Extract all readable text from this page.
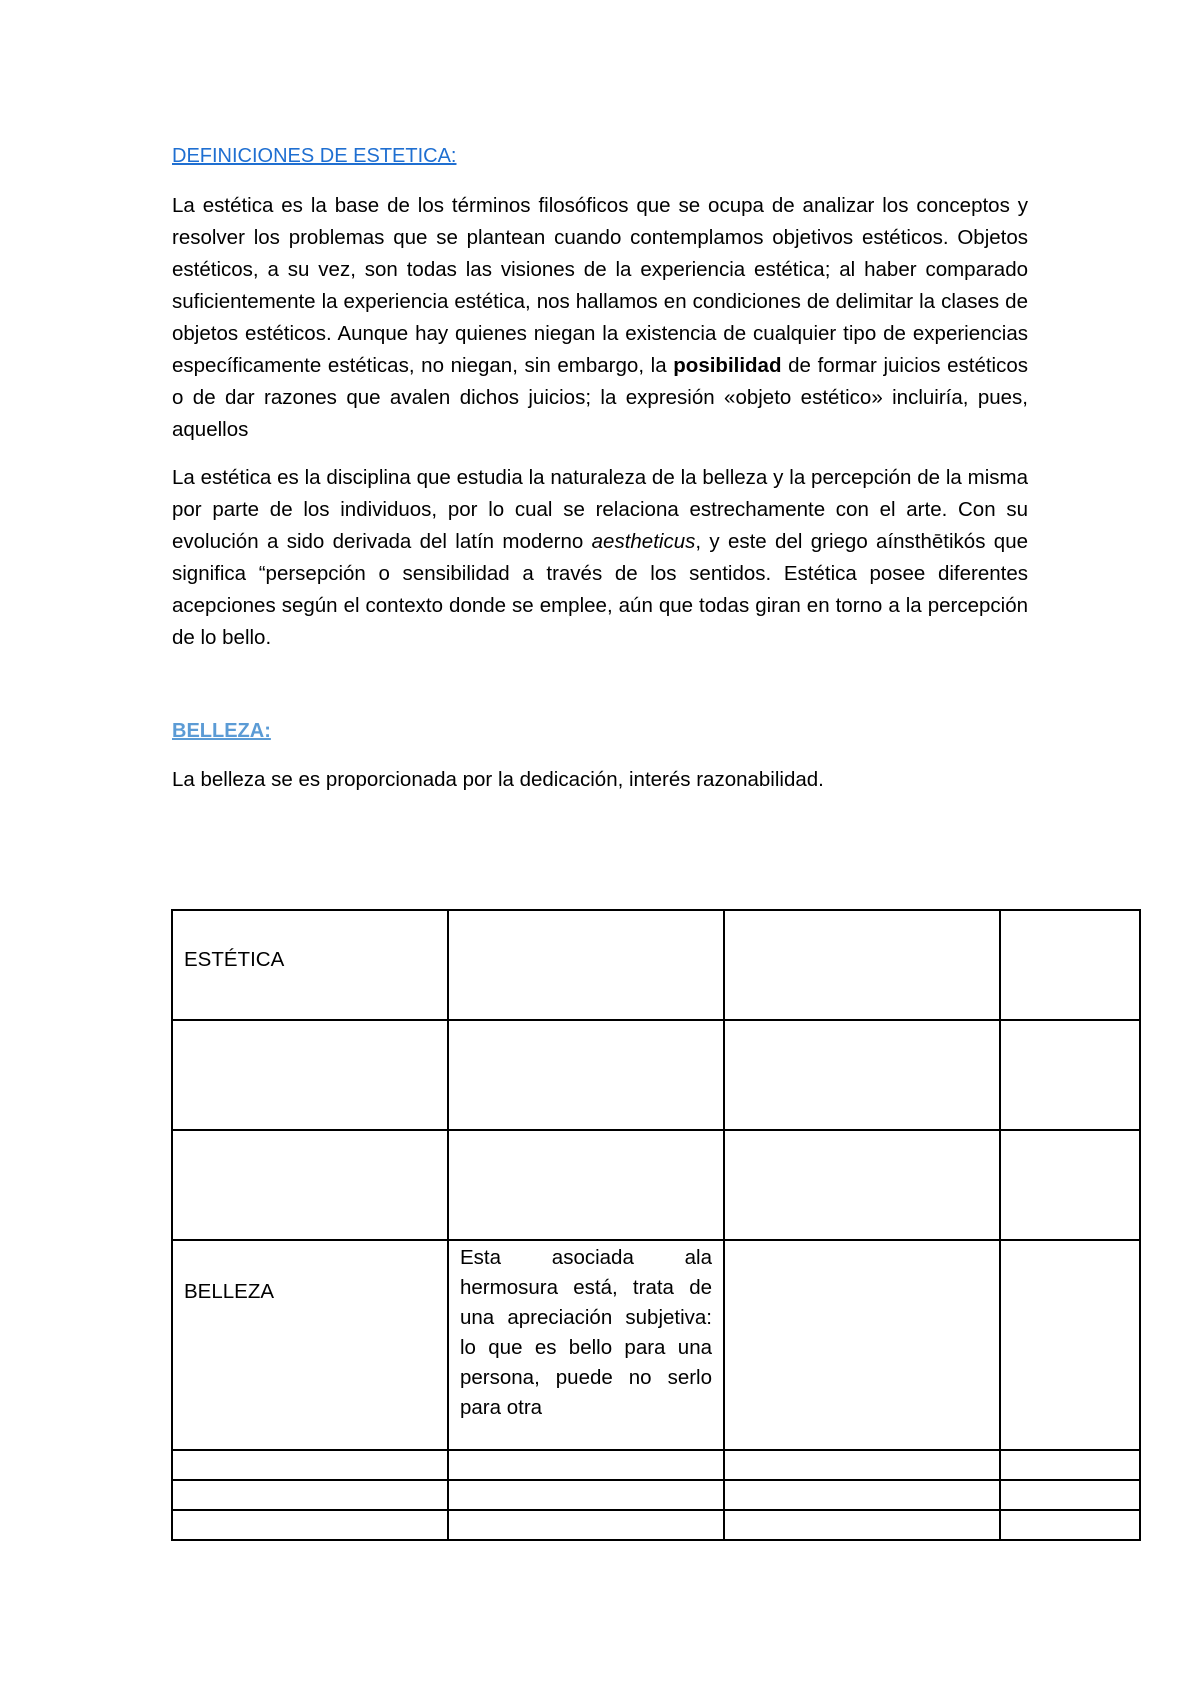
DEFINICIONES DE ESTETICA:

La estética es la base de los términos filosóficos que se ocupa de analizar los conceptos y resolver los problemas que se plantean cuando contemplamos objetivos estéticos. Objetos estéticos, a su vez, son todas las visiones de la experiencia estética; al haber comparado suficientemente la experiencia estética, nos hallamos en condiciones de delimitar la clases de objetos estéticos. Aunque hay quienes niegan la existencia de cualquier tipo de experiencias específicamente estéticas, no niegan, sin embargo, la posibilidad de formar juicios estéticos o de dar razones que avalen dichos juicios; la expresión «objeto estético» incluiría, pues, aquellos

La estética es la disciplina que estudia la naturaleza de la belleza y la percepción de la misma por parte de los individuos, por lo cual se relaciona estrechamente con el arte. Con su evolución a sido derivada del latín moderno aestheticus, y este del griego aínsthētikós que significa “persepción o sensibilidad a través de los sentidos. Estética posee diferentes acepciones según el contexto donde se emplee, aún que todas giran en torno a la percepción de lo bello.

BELLEZA:

La belleza se es proporcionada por la dedicación, interés razonabilidad.

ESTÉTICA			

BELLEZA	Esta asociada ala hermosura está, trata de una apreciación subjetiva: lo que es bello para una persona, puede no serlo para otra		
